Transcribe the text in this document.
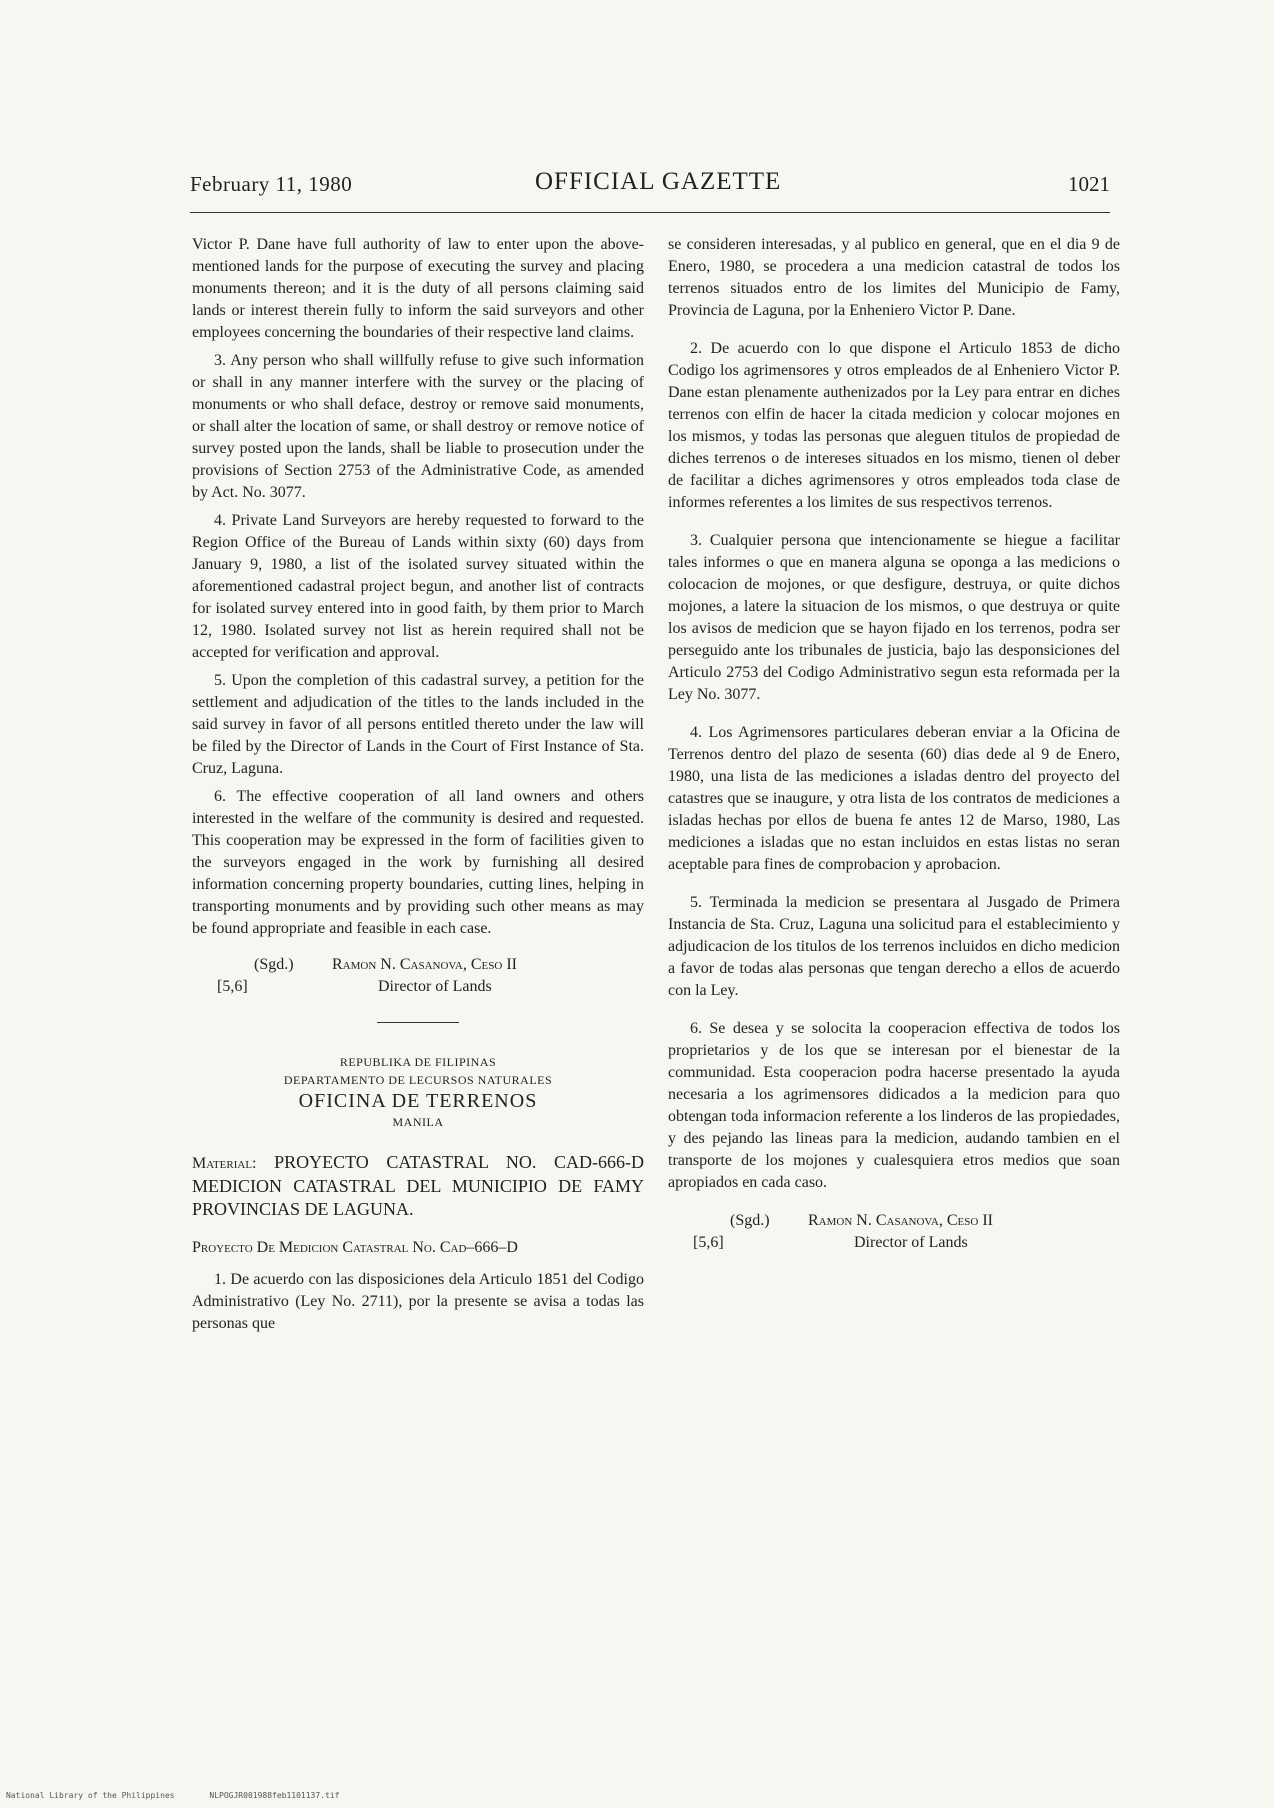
February 11, 1980	OFFICIAL GAZETTE	1021

Victor P. Dane have full authority of law to enter upon the above-mentioned lands for the purpose of executing the survey and placing monuments thereon; and it is the duty of all persons claiming said lands or interest therein fully to inform the said surveyors and other employees concerning the boundaries of their respective land claims.

3. Any person who shall willfully refuse to give such information or shall in any manner interfere with the survey or the placing of monuments or who shall deface, destroy or remove said monuments, or shall alter the location of same, or shall destroy or remove notice of survey posted upon the lands, shall be liable to prosecution under the provisions of Section 2753 of the Administrative Code, as amended by Act. No. 3077.

4. Private Land Surveyors are hereby requested to forward to the Region Office of the Bureau of Lands within sixty (60) days from January 9, 1980, a list of the isolated survey situated within the aforementioned cadastral project begun, and another list of contracts for isolated survey entered into in good faith, by them prior to March 12, 1980. Isolated survey not list as herein required shall not be accepted for verification and approval.

5. Upon the completion of this cadastral survey, a petition for the settlement and adjudication of the titles to the lands included in the said survey in favor of all persons entitled thereto under the law will be filed by the Director of Lands in the Court of First Instance of Sta. Cruz, Laguna.

6. The effective cooperation of all land owners and others interested in the welfare of the community is desired and requested. This cooperation may be expressed in the form of facilities given to the surveyors engaged in the work by furnishing all desired information concerning property boundaries, cutting lines, helping in transporting monuments and by providing such other means as may be found appropriate and feasible in each case.

(Sgd.) Ramon N. Casanova, Ceso II
[5,6]	Director of Lands
REPUBLIKA DE FILIPINAS
DEPARTAMENTO DE LECURSOS NATURALES
OFICINA DE TERRENOS
MANILA
Material: PROYECTO CATASTRAL NO. CAD-666-D MEDICION CATASTRAL DEL MUNICIPIO DE FAMY PROVINCIAS DE LAGUNA.
Proyecto De Medicion Catastral No. Cad–666–D

1. De acuerdo con las disposiciones dela Articulo 1851 del Codigo Administrativo (Ley No. 2711), por la presente se avisa a todas las personas que

se consideren interesadas, y al publico en general, que en el dia 9 de Enero, 1980, se procedera a una medicion catastral de todos los terrenos situados entro de los limites del Municipio de Famy, Provincia de Laguna, por la Enheniero Victor P. Dane.

2. De acuerdo con lo que dispone el Articulo 1853 de dicho Codigo los agrimensores y otros empleados de al Enheniero Victor P. Dane estan plenamente authenizados por la Ley para entrar en diches terrenos con elfin de hacer la citada medicion y colocar mojones en los mismos, y todas las personas que aleguen titulos de propiedad de diches terrenos o de intereses situados en los mismo, tienen ol deber de facilitar a diches agrimensores y otros empleados toda clase de informes referentes a los limites de sus respectivos terrenos.

3. Cualquier persona que intencionamente se hiegue a facilitar tales informes o que en manera alguna se oponga a las medicions o colocacion de mojones, or que desfigure, destruya, or quite dichos mojones, a latere la situacion de los mismos, o que destruya or quite los avisos de medicion que se hayon fijado en los terrenos, podra ser perseguido ante los tribunales de justicia, bajo las desponsiciones del Articulo 2753 del Codigo Administrativo segun esta reformada per la Ley No. 3077.

4. Los Agrimensores particulares deberan enviar a la Oficina de Terrenos dentro del plazo de sesenta (60) dias dede al 9 de Enero, 1980, una lista de las mediciones a isladas dentro del proyecto del catastres que se inaugure, y otra lista de los contratos de mediciones a isladas hechas por ellos de buena fe antes 12 de Marso, 1980, Las mediciones a isladas que no estan incluidos en estas listas no seran aceptable para fines de comprobacion y aprobacion.

5. Terminada la medicion se presentara al Jusgado de Primera Instancia de Sta. Cruz, Laguna una solicitud para el establecimiento y adjudicacion de los titulos de los terrenos incluidos en dicho medicion a favor de todas alas personas que tengan derecho a ellos de acuerdo con la Ley.

6. Se desea y se solocita la cooperacion effectiva de todos los proprietarios y de los que se interesan por el bienestar de la communidad. Esta cooperacion podra hacerse presentado la ayuda necesaria a los agrimensores didicados a la medicion para quo obtengan toda informacion referente a los linderos de las propiedades, y des pejando las lineas para la medicion, audando tambien en el transporte de los mojones y cualesquiera etros medios que soan apropiados en cada caso.

(Sgd.) Ramon N. Casanova, Ceso II
[5,6]	Director of Lands
National Library of the Philippines	NLPOGJR001988feb1101137.tif
